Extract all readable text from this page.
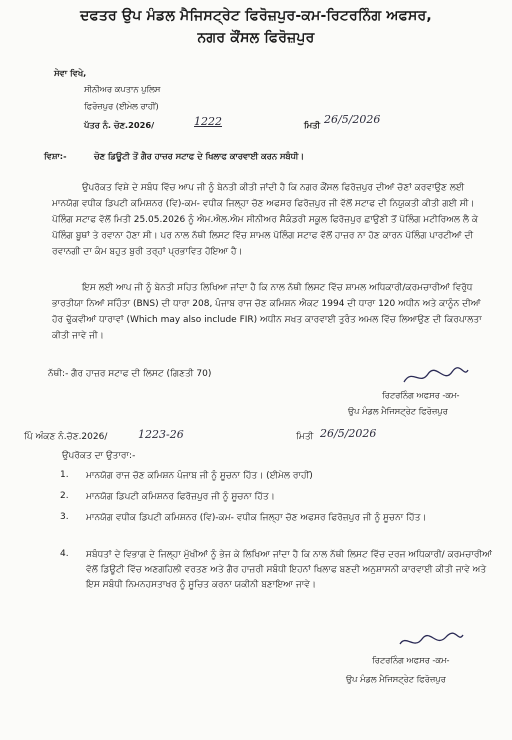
ਦਫਤਰ ਉਪ ਮੰਡਲ ਮੈਜਿਸਟ੍ਰੇਟ ਫਿਰੋਜ਼ਪੁਰ-ਕਮ-ਰਿਟਰਨਿੰਗ ਅਫਸਰ,
ਨਗਰ ਕੌਂਸਲ ਫਿਰੋਜ਼ਪੁਰ
ਸੇਵਾ ਵਿਖੇ,
ਸੀਨੀਅਰ ਕਪਤਾਨ ਪੁਲਿਸ
ਫਿਰੋਜ਼ਪੁਰ (ਈਮੇਲ ਰਾਹੀਂ)
ਪੱਤਰ ਨੰ. ਚੋਣ.2026/	1222	ਮਿਤੀ 26/5/2026
ਵਿਸ਼ਾ:-	ਚੋਣ ਡਿਊਟੀ ਤੋਂ ਗੈਰ ਹਾਜ਼ਰ ਸਟਾਫ ਦੇ ਖਿਲਾਫ ਕਾਰਵਾਈ ਕਰਨ ਸਬੰਧੀ।
ਉਪਰੋਕਤ ਵਿਸ਼ੇ ਦੇ ਸਬੰਧ ਵਿੱਚ ਆਪ ਜੀ ਨੂੰ ਬੇਨਤੀ ਕੀਤੀ ਜਾਂਦੀ ਹੈ ਕਿ ਨਗਰ ਕੌਂਸਲ ਫਿਰੋਜ਼ਪੁਰ ਦੀਆਂ ਚੋਣਾਂ ਕਰਵਾਉਣ ਲਈ ਮਾਨਯੋਗ ਵਧੀਕ ਡਿਪਟੀ ਕਮਿਸ਼ਨਰ (ਵਿ)-ਕਮ- ਵਧੀਕ ਜਿਲ੍ਹਾ ਚੋਣ ਅਫਸਰ ਫਿਰੋਜ਼ਪੁਰ ਜੀ ਵੱਲੋਂ ਸਟਾਫ ਦੀ ਨਿਯੁਕਤੀ ਕੀਤੀ ਗਈ ਸੀ। ਪੋਲਿੰਗ ਸਟਾਫ ਵੱਲੋਂ ਮਿਤੀ 25.05.2026 ਨੂੰ ਐਮ.ਐਲ.ਐਮ ਸੀਨੀਅਰ ਸੈਕੰਡਰੀ ਸਕੂਲ ਫਿਰੋਜ਼ਪੁਰ ਛਾਉਣੀ ਤੋਂ ਪੋਲਿੰਗ ਮਟੀਰਿਅਲ ਲੈ ਕੇ ਪੋਲਿੰਗ ਬੂਥਾਂ ਤੇ ਰਵਾਨਾ ਹੋਣਾ ਸੀ। ਪਰ ਨਾਲ ਨੱਥੀ ਲਿਸਟ ਵਿੱਚ ਸ਼ਾਮਲ ਪੋਲਿੰਗ ਸਟਾਫ ਵੱਲੋਂ ਹਾਜ਼ਰ ਨਾ ਹੋਣ ਕਾਰਨ ਪੋਲਿੰਗ ਪਾਰਟੀਆਂ ਦੀ ਰਵਾਨਗੀ ਦਾ ਕੰਮ ਬਹੁਤ ਬੁਰੀ ਤਰ੍ਹਾਂ ਪ੍ਰਭਾਵਿਤ ਹੋਇਆ ਹੈ।
ਇਸ ਲਈ ਆਪ ਜੀ ਨੂੰ ਬੇਨਤੀ ਸਹਿਤ ਲਿਖਿਆ ਜਾਂਦਾ ਹੈ ਕਿ ਨਾਲ ਨੱਥੀ ਲਿਸਟ ਵਿੱਚ ਸ਼ਾਮਲ ਅਧਿਕਾਰੀ/ਕਰਮਚਾਰੀਆਂ ਵਿਰੁੱਧ ਭਾਰਤੀਯਾ ਨਿਆਂ ਸਹਿੰਤਾ (BNS) ਦੀ ਧਾਰਾ 208, ਪੰਜਾਬ ਰਾਜ ਚੋਣ ਕਮਿਸ਼ਨ ਐਕਟ 1994 ਦੀ ਧਾਰਾ 120 ਅਧੀਨ ਅਤੇ ਕਾਨੂੰਨ ਦੀਆਂ ਹੋਰ ਢੁੱਕਵੀਆਂ ਧਾਰਾਵਾਂ (Which may also include FIR) ਅਧੀਨ ਸਖਤ ਕਾਰਵਾਈ ਤੁਰੰਤ ਅਮਲ ਵਿੱਚ ਲਿਆਉਣ ਦੀ ਕਿਰਪਾਲਤਾ ਕੀਤੀ ਜਾਵੇ ਜੀ।
ਨੱਥੀ:- ਗੈਰ ਹਾਜ਼ਰ ਸਟਾਫ ਦੀ ਲਿਸਟ (ਗਿਣਤੀ 70)
ਰਿਟਰਨਿੰਗ ਅਫਸਰ -ਕਮ-
ਉਪ ਮੰਡਲ ਮੈਜਿਸਟ੍ਰੇਟ ਫਿਰੋਜ਼ਪੁਰ
ਪਿੰ ਅੰਕਣ ਨੰ.ਚੋਣ.2026/	1223-26	ਮਿਤੀ 26/5/2026
ਉਪਰੋਕਤ ਦਾ ਉਤਾਰਾ:-
1. ਮਾਨਯੋਗ ਰਾਜ ਚੋਣ ਕਮਿਸ਼ਨ ਪੰਜਾਬ ਜੀ ਨੂੰ ਸੂਚਨਾ ਹਿੱਤ। (ਈਮੇਲ ਰਾਹੀਂ)
2. ਮਾਨਯੋਗ ਡਿਪਟੀ ਕਮਿਸ਼ਨਰ ਫਿਰੋਜ਼ਪੁਰ ਜੀ ਨੂੰ ਸੂਚਨਾ ਹਿੱਤ।
3. ਮਾਨਯੋਗ ਵਧੀਕ ਡਿਪਟੀ ਕਮਿਸ਼ਨਰ (ਵਿ)-ਕਮ- ਵਧੀਕ ਜਿਲ੍ਹਾ ਚੋਣ ਅਫਸਰ ਫਿਰੋਜ਼ਪੁਰ ਜੀ ਨੂੰ ਸੂਚਨਾ ਹਿੱਤ।
4. ਸਬੰਧਤਾਂ ਦੇ ਵਿਭਾਗ ਦੇ ਜਿਲ੍ਹਾ ਮੁੱਖੀਆਂ ਨੂੰ ਭੇਜ ਕੇ ਲਿਖਿਆ ਜਾਂਦਾ ਹੈ ਕਿ ਨਾਲ ਨੱਥੀ ਲਿਸਟ ਵਿੱਚ ਦਰਜ ਅਧਿਕਾਰੀ/ ਕਰਮਚਾਰੀਆਂ ਵੱਲੋਂ ਡਿਊਟੀ ਵਿੱਚ ਅਣਗਹਿਲੀ ਵਰਤਣ ਅਤੇ ਗੈਰ ਹਾਜ਼ਰੀ ਸਬੰਧੀ ਇਹਨਾਂ ਖਿਲਾਫ ਬਣਦੀ ਅਨੁਸ਼ਾਸਨੀ ਕਾਰਵਾਈ ਕੀਤੀ ਜਾਵੇ ਅਤੇ ਇਸ ਸਬੰਧੀ ਨਿਮਨਹਸਤਾਖਰ ਨੂੰ ਸੂਚਿਤ ਕਰਨਾ ਯਕੀਨੀ ਬਣਾਇਆ ਜਾਵੇ।
ਰਿਟਰਨਿੰਗ ਅਫਸਰ -ਕਮ-
ਉਪ ਮੰਡਲ ਮੈਜਿਸਟ੍ਰੇਟ ਫਿਰੋਜ਼ਪੁਰ
